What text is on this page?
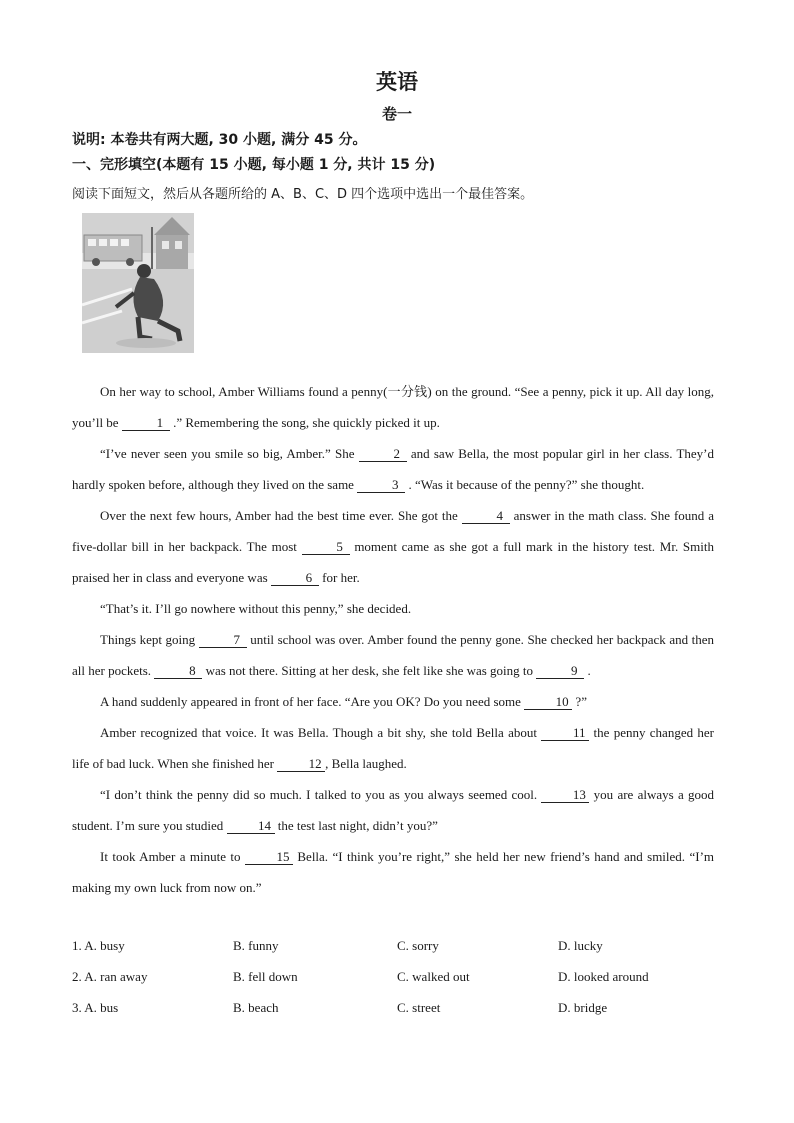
英语
卷一
说明: 本卷共有两大题, 30 小题, 满分 45 分。
一、完形填空(本题有 15 小题, 每小题 1 分, 共计 15 分)
阅读下面短文，然后从各题所给的 A、B、C、D 四个选项中选出一个最佳答案。

On her way to school, Amber Williams found a penny(一分钱) on the ground. “See a penny, pick it up. All day long, you’ll be	1 .” Remembering the song, she quickly picked it up.

“I’ve never seen you smile so big, Amber.” She	2 and saw Bella, the most popular girl in her class. They’d hardly spoken before, although they lived on the same	3 . “Was it because of the penny?” she thought.

Over the next few hours, Amber had the best time ever. She got the	4 answer in the math class. She found a five-dollar bill in her backpack. The most	5 moment came as she got a full mark in the history test. Mr. Smith praised her in class and everyone was	6 for her.

“That’s it. I’ll go nowhere without this penny,” she decided.

Things kept going	7 until school was over. Amber found the penny gone. She checked her backpack and then all her pockets.	8 was not there. Sitting at her desk, she felt like she was going to	9 .

A hand suddenly appeared in front of her face. “Are you OK? Do you need some 10 ?”

Amber recognized that voice. It was Bella. Though a bit shy, she told Bella about 11 the penny changed her life of bad luck. When she finished her 12 , Bella laughed.

“I don’t think the penny did so much. I talked to you as you always seemed cool. 13 you are always a good student. I’m sure you studied 14 the test last night, didn’t you?”

It took Amber a minute to 15 Bella. “I think you’re right,” she held her new friend’s hand and smiled. “I’m making my own luck from now on.”

1. A. busy	B. funny	C. sorry	D. lucky
2. A. ran away	B. fell down	C. walked out	D. looked around
3. A. bus	B. beach	C. street	D. bridge
